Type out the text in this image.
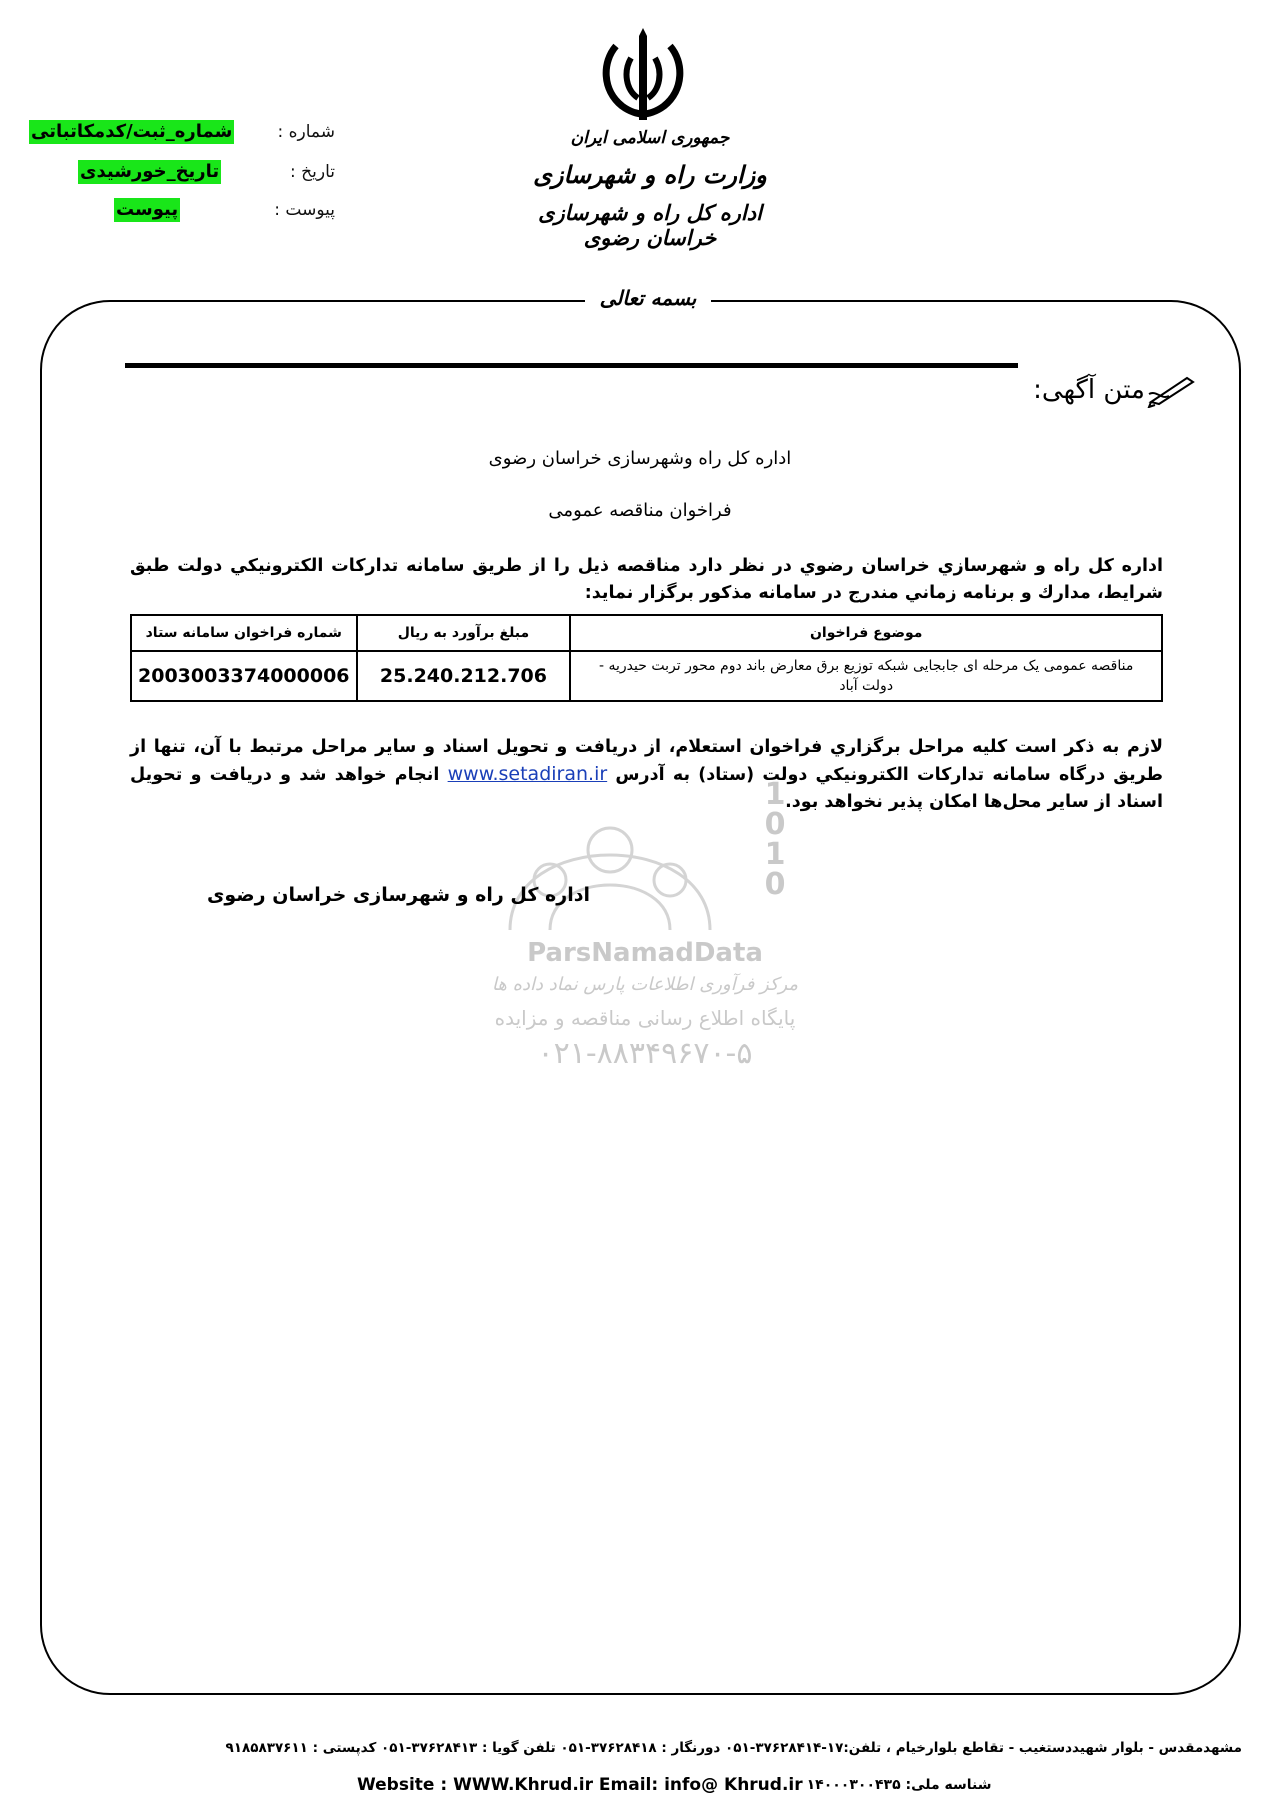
شماره_ثبت/کدمکاتباتی	شماره :
تاریخ_خورشیدی	تاریخ :
پیوست	پیوست :
جمهوری اسلامی ایران
وزارت راه و شهرسازی
اداره کل راه و شهرسازی خراسان رضوی
بسمه تعالی
متن آگهی:
1010
ParsNamadData
مرکز فرآوری اطلاعات پارس نماد داده ها
پایگاه اطلاع رسانی مناقصه و مزایده
۰۲۱-۸۸۳۴۹۶۷۰-۵
اداره کل راه وشهرسازی خراسان رضوی
فراخوان مناقصه عمومی
اداره كل راه و شهرسازي خراسان رضوي در نظر دارد مناقصه ذيل را از طريق سامانه تداركات الكترونيكي دولت طبق شرايط، مدارك و برنامه زماني مندرج در سامانه مذكور برگزار نمايد:
موضوع فراخوان	مبلغ برآورد به ریال	شماره فراخوان سامانه ستاد
مناقصه عمومی یک مرحله ای جابجایی شبکه توزیع برق معارض باند دوم محور تربت حیدریه - دولت آباد	25.240.212.706	2003003374000006
لازم به ذكر است كليه مراحل برگزاري فراخوان استعلام، از دريافت و تحويل اسناد و ساير مراحل مرتبط با آن، تنها از طريق درگاه سامانه تداركات الكترونيكي دولت (ستاد) به آدرس www.setadiran.ir انجام خواهد شد و دريافت و تحويل اسناد از ساير محل‌ها امكان پذير نخواهد بود.
اداره کل راه و شهرسازی خراسان رضوی
مشهدمقدس - بلوار شهیددستغیب - تقاطع بلوارخیام ، تلفن:۱۷-۳۷۶۲۸۴۱۴-۰۵۱ دورنگار : ۳۷۶۲۸۴۱۸-۰۵۱ تلفن گویا : ۳۷۶۲۸۴۱۳-۰۵۱ کدپستی : ۹۱۸۵۸۳۷۶۱۱
Website : WWW.Khrud.ir Email: info@ Khrud.ir شناسه ملی: ۱۴۰۰۰۳۰۰۴۳۵
